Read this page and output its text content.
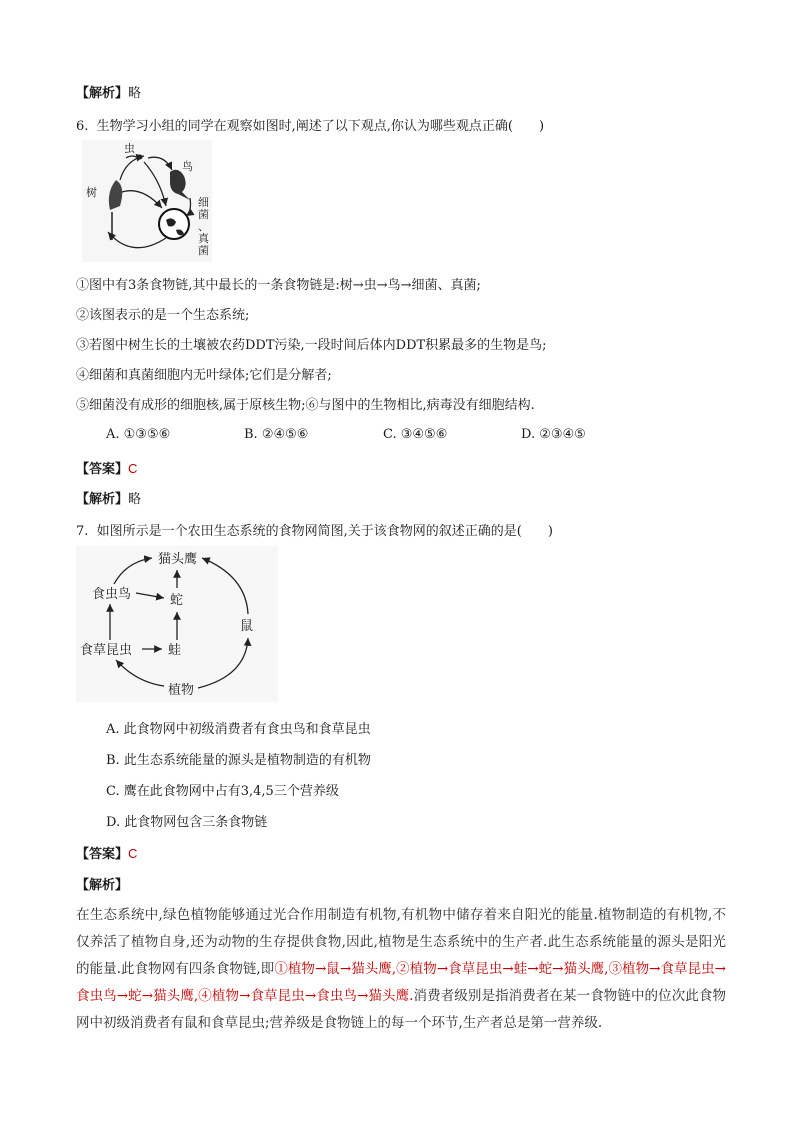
【解析】略
6. 生物学习小组的同学在观察如图时,阐述了以下观点,你认为哪些观点正确(　　)
虫
鸟
树
细菌、真菌
①图中有3条食物链,其中最长的一条食物链是:树→虫→鸟→细菌、真菌;
②该图表示的是一个生态系统;
③若图中树生长的土壤被农药DDT污染,一段时间后体内DDT积累最多的生物是鸟;
④细菌和真菌细胞内无叶绿体;它们是分解者;
⑤细菌没有成形的细胞核,属于原核生物;⑥与图中的生物相比,病毒没有细胞结构.
A. ①③⑤⑥	B. ②④⑤⑥	C. ③④⑤⑥	D. ②③④⑤
【答案】C
【解析】略
7. 如图所示是一个农田生态系统的食物网简图,关于该食物网的叙述正确的是(　　)
猫头鹰
食虫鸟	蛇
鼠
食草昆虫	蛙
植物
A. 此食物网中初级消费者有食虫鸟和食草昆虫
B. 此生态系统能量的源头是植物制造的有机物
C. 鹰在此食物网中占有3,4,5三个营养级
D. 此食物网包含三条食物链
【答案】C
【解析】
在生态系统中,绿色植物能够通过光合作用制造有机物,有机物中储存着来自阳光的能量.植物制造的有机物,不仅养活了植物自身,还为动物的生存提供食物,因此,植物是生态系统中的生产者.此生态系统能量的源头是阳光的能量.此食物网有四条食物链,即①植物→鼠→猫头鹰,②植物→食草昆虫→蛙→蛇→猫头鹰,③植物→食草昆虫→食虫鸟→蛇→猫头鹰,④植物→食草昆虫→食虫鸟→猫头鹰.消费者级别是指消费者在某一食物链中的位次此食物网中初级消费者有鼠和食草昆虫;营养级是食物链上的每一个环节,生产者总是第一营养级.
